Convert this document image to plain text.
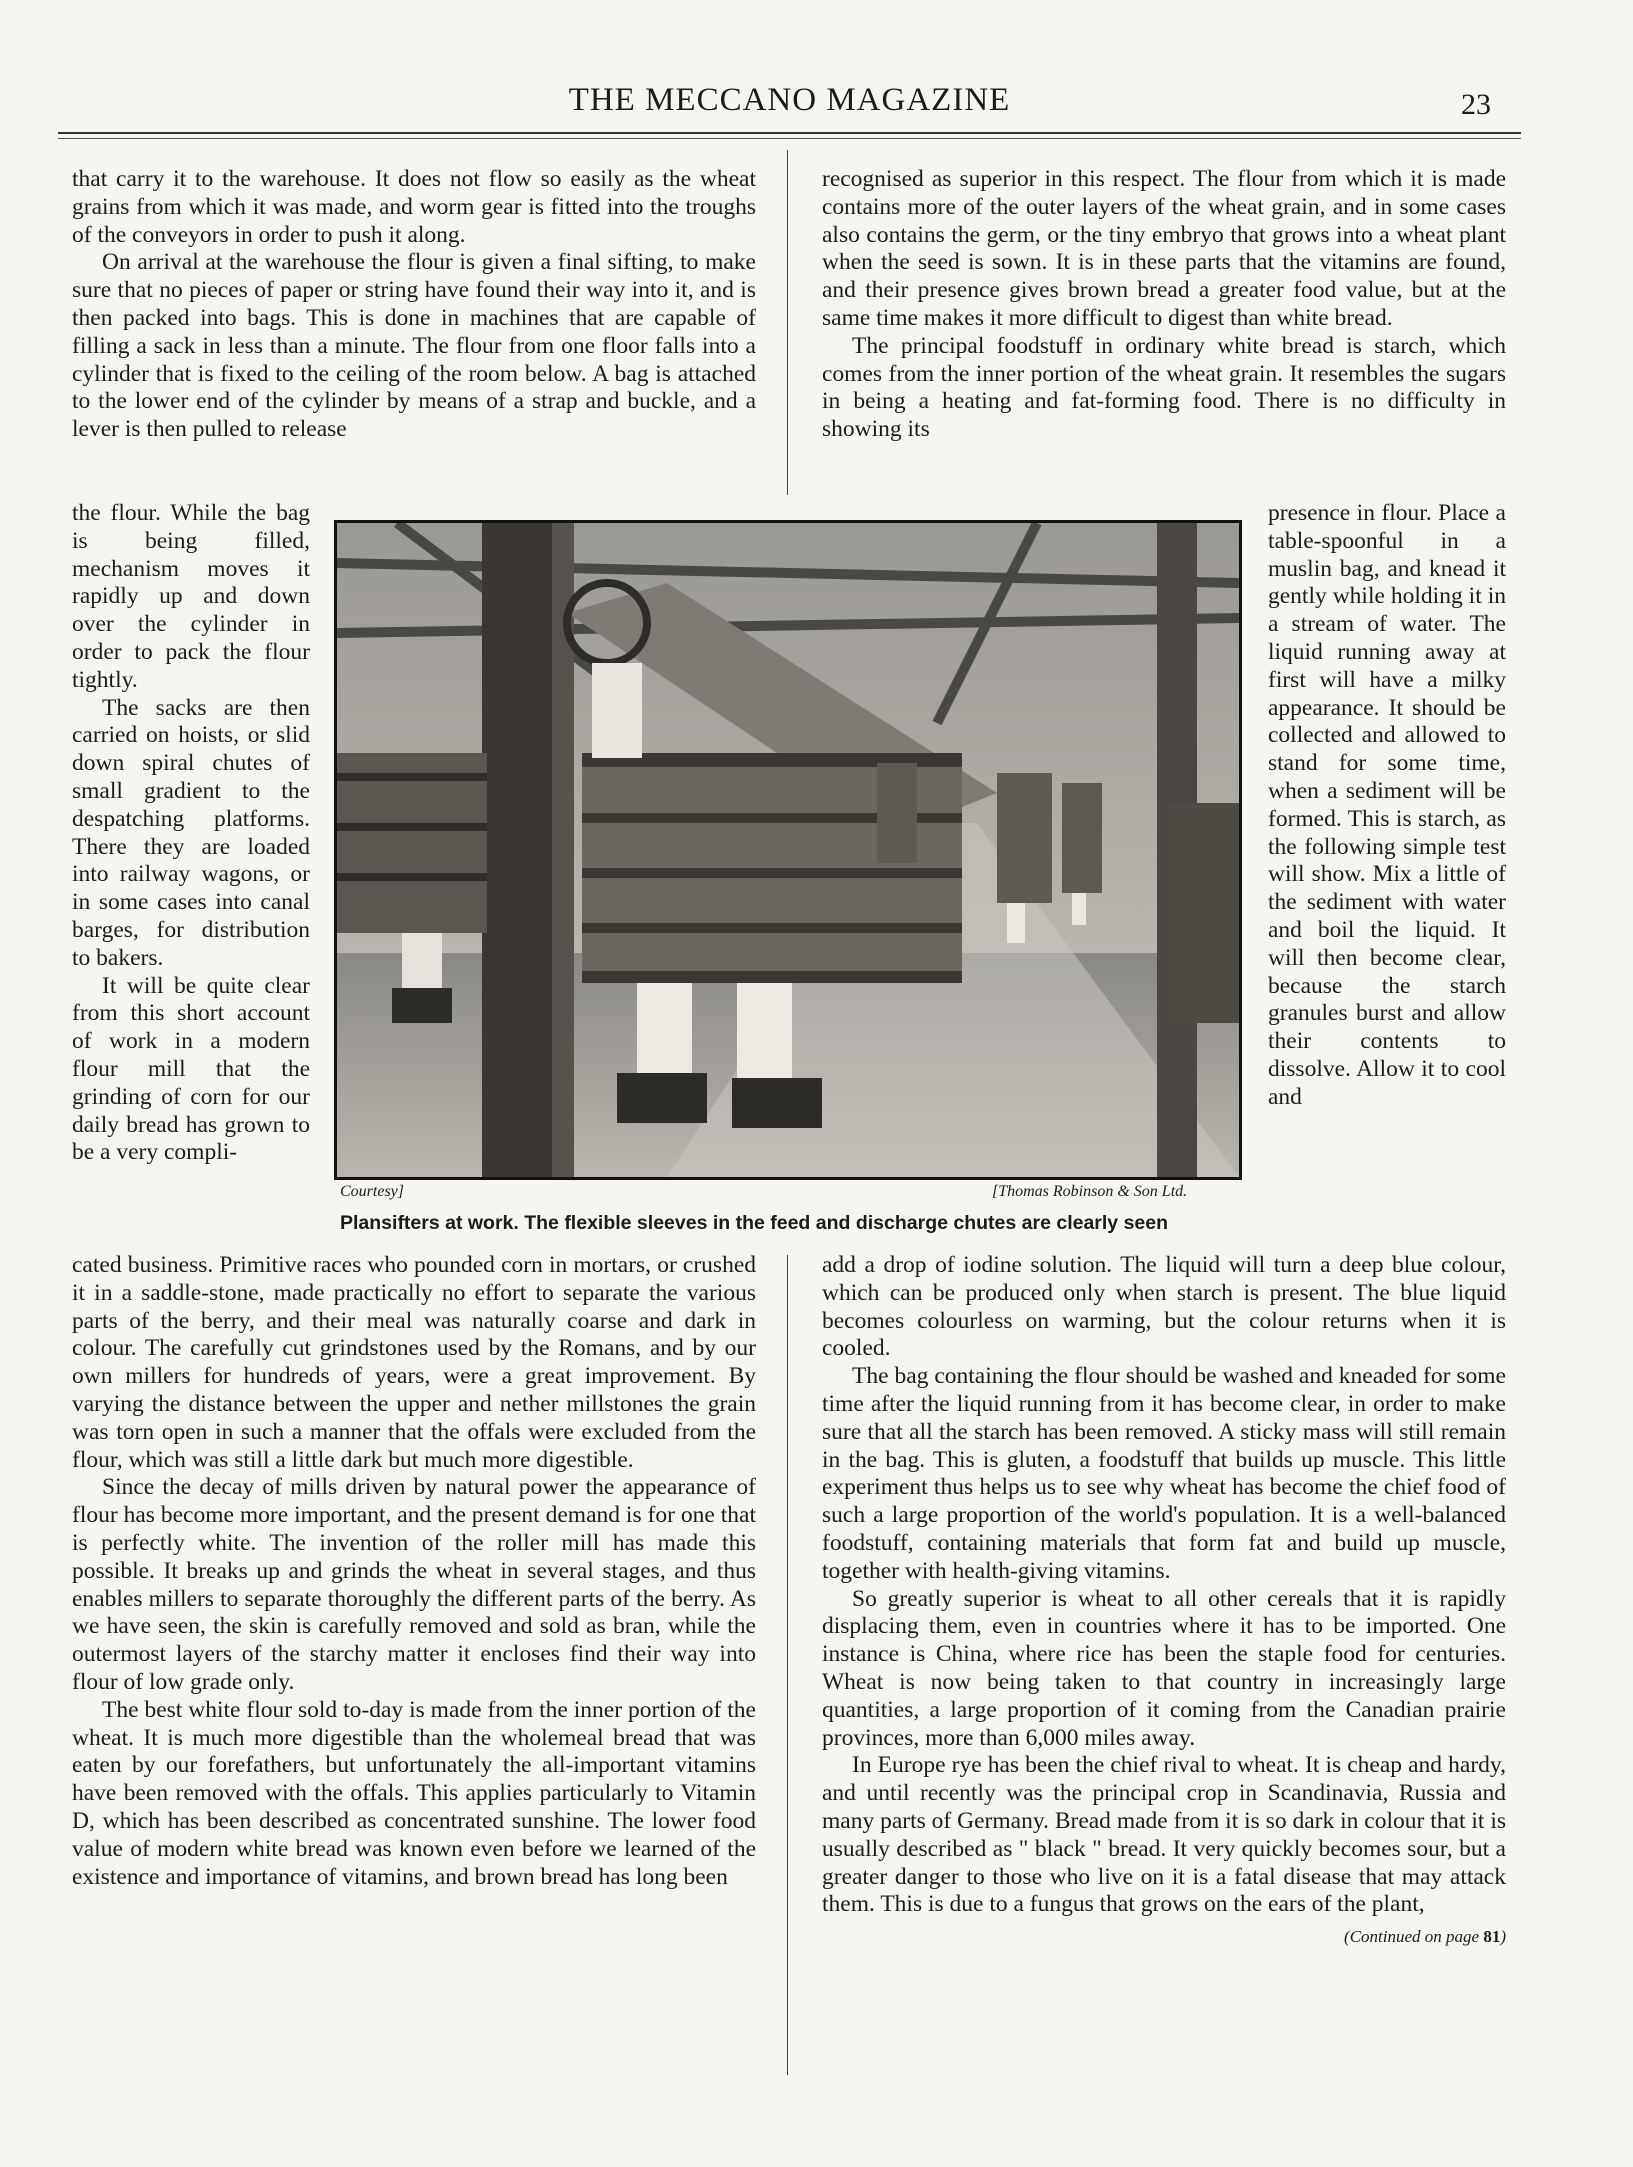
THE MECCANO MAGAZINE	23

that carry it to the warehouse. It does not flow so easily as the wheat grains from which it was made, and worm gear is fitted into the troughs of the conveyors in order to push it along.

On arrival at the warehouse the flour is given a final sifting, to make sure that no pieces of paper or string have found their way into it, and is then packed into bags. This is done in machines that are capable of filling a sack in less than a minute. The flour from one floor falls into a cylinder that is fixed to the ceiling of the room below. A bag is attached to the lower end of the cylinder by means of a strap and buckle, and a lever is then pulled to release

the flour. While the bag is being filled, mechanism moves it rapidly up and down over the cylinder in order to pack the flour tightly.

The sacks are then carried on hoists, or slid down spiral chutes of small gradient to the despatching platforms. There they are loaded into railway wagons, or in some cases into canal barges, for distribution to bakers.

It will be quite clear from this short account of work in a modern flour mill that the grinding of corn for our daily bread has grown to be a very compli-

Courtesy]	[Thomas Robinson & Son Ltd.
Plansifters at work. The flexible sleeves in the feed and discharge chutes are clearly seen

cated business. Primitive races who pounded corn in mortars, or crushed it in a saddle-stone, made practically no effort to separate the various parts of the berry, and their meal was naturally coarse and dark in colour. The carefully cut grindstones used by the Romans, and by our own millers for hundreds of years, were a great improvement. By varying the distance between the upper and nether millstones the grain was torn open in such a manner that the offals were excluded from the flour, which was still a little dark but much more digestible.

Since the decay of mills driven by natural power the appearance of flour has become more important, and the present demand is for one that is perfectly white. The invention of the roller mill has made this possible. It breaks up and grinds the wheat in several stages, and thus enables millers to separate thoroughly the different parts of the berry. As we have seen, the skin is carefully removed and sold as bran, while the outermost layers of the starchy matter it encloses find their way into flour of low grade only.

The best white flour sold to-day is made from the inner portion of the wheat. It is much more digestible than the wholemeal bread that was eaten by our forefathers, but unfortunately the all-important vitamins have been removed with the offals. This applies particularly to Vitamin D, which has been described as concentrated sunshine. The lower food value of modern white bread was known even before we learned of the existence and importance of vitamins, and brown bread has long been

recognised as superior in this respect. The flour from which it is made contains more of the outer layers of the wheat grain, and in some cases also contains the germ, or the tiny embryo that grows into a wheat plant when the seed is sown. It is in these parts that the vitamins are found, and their presence gives brown bread a greater food value, but at the same time makes it more difficult to digest than white bread.

The principal foodstuff in ordinary white bread is starch, which comes from the inner portion of the wheat grain. It resembles the sugars in being a heating and fat-forming food. There is no difficulty in showing its

presence in flour. Place a table-spoonful in a muslin bag, and knead it gently while holding it in a stream of water. The liquid running away at first will have a milky appearance. It should be collected and allowed to stand for some time, when a sediment will be formed. This is starch, as the following simple test will show. Mix a little of the sediment with water and boil the liquid. It will then become clear, because the starch granules burst and allow their contents to dissolve. Allow it to cool and

add a drop of iodine solution. The liquid will turn a deep blue colour, which can be produced only when starch is present. The blue liquid becomes colourless on warming, but the colour returns when it is cooled.

The bag containing the flour should be washed and kneaded for some time after the liquid running from it has become clear, in order to make sure that all the starch has been removed. A sticky mass will still remain in the bag. This is gluten, a foodstuff that builds up muscle. This little experiment thus helps us to see why wheat has become the chief food of such a large proportion of the world's population. It is a well-balanced foodstuff, containing materials that form fat and build up muscle, together with health-giving vitamins.

So greatly superior is wheat to all other cereals that it is rapidly displacing them, even in countries where it has to be imported. One instance is China, where rice has been the staple food for centuries. Wheat is now being taken to that country in increasingly large quantities, a large proportion of it coming from the Canadian prairie provinces, more than 6,000 miles away.

In Europe rye has been the chief rival to wheat. It is cheap and hardy, and until recently was the principal crop in Scandinavia, Russia and many parts of Germany. Bread made from it is so dark in colour that it is usually described as " black " bread. It very quickly becomes sour, but a greater danger to those who live on it is a fatal disease that may attack them. This is due to a fungus that grows on the ears of the plant,
(Continued on page 81)
